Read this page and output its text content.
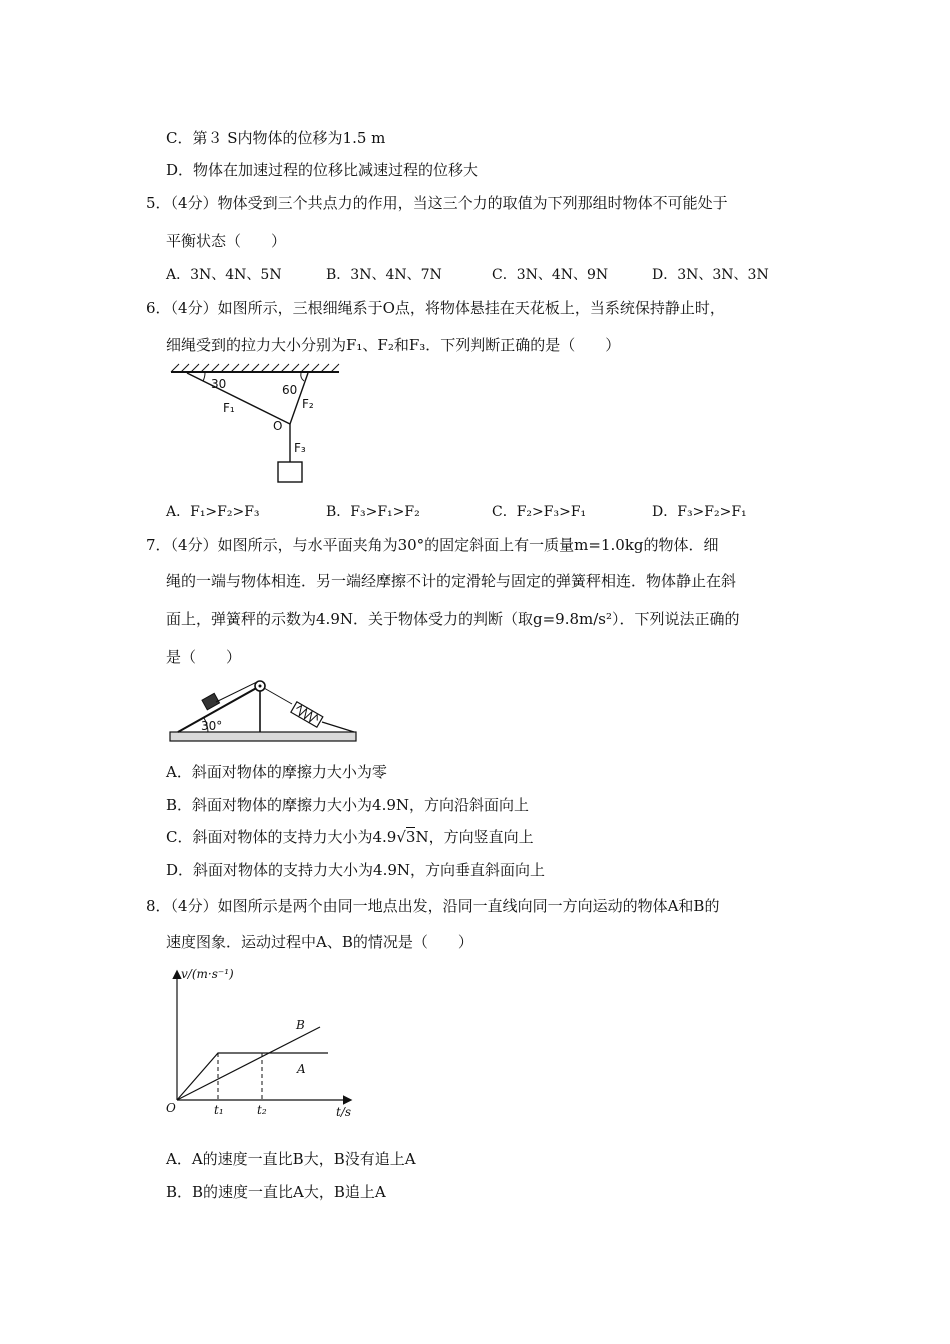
C．第３ S内物体的位移为1.5 m
D．物体在加速过程的位移比减速过程的位移大
5．（4分）物体受到三个共点力的作用，当这三个力的取值为下列那组时物体不可能处于
平衡状态（　　）
A．3N、4N、5N	B．3N、4N、7N	C．3N、4N、9N	D．3N、3N、3N
6．（4分）如图所示，三根细绳系于O点，将物体悬挂在天花板上，当系统保持静止时，
细绳受到的拉力大小分别为F₁、F₂和F₃．下列判断正确的是（　　）
30	60
F₁	F₂
O
F₃
A．F₁>F₂>F₃	B．F₃>F₁>F₂	C．F₂>F₃>F₁	D．F₃>F₂>F₁
7．（4分）如图所示，与水平面夹角为30°的固定斜面上有一质量m=1.0kg的物体．细
绳的一端与物体相连．另一端经摩擦不计的定滑轮与固定的弹簧秤相连．物体静止在斜
面上，弹簧秤的示数为4.9N．关于物体受力的判断（取g=9.8m/s²）．下列说法正确的
是（　　）
30°
A．斜面对物体的摩擦力大小为零
B．斜面对物体的摩擦力大小为4.9N，方向沿斜面向上
C．斜面对物体的支持力大小为4.9√3N，方向竖直向上
D．斜面对物体的支持力大小为4.9N，方向垂直斜面向上
8．（4分）如图所示是两个由同一地点出发，沿同一直线向同一方向运动的物体A和B的
速度图象．运动过程中A、B的情况是（　　）
v/(m·s⁻¹)
t/s
O	t₁	t₂
A
B
A．A的速度一直比B大，B没有追上A
B．B的速度一直比A大，B追上A
